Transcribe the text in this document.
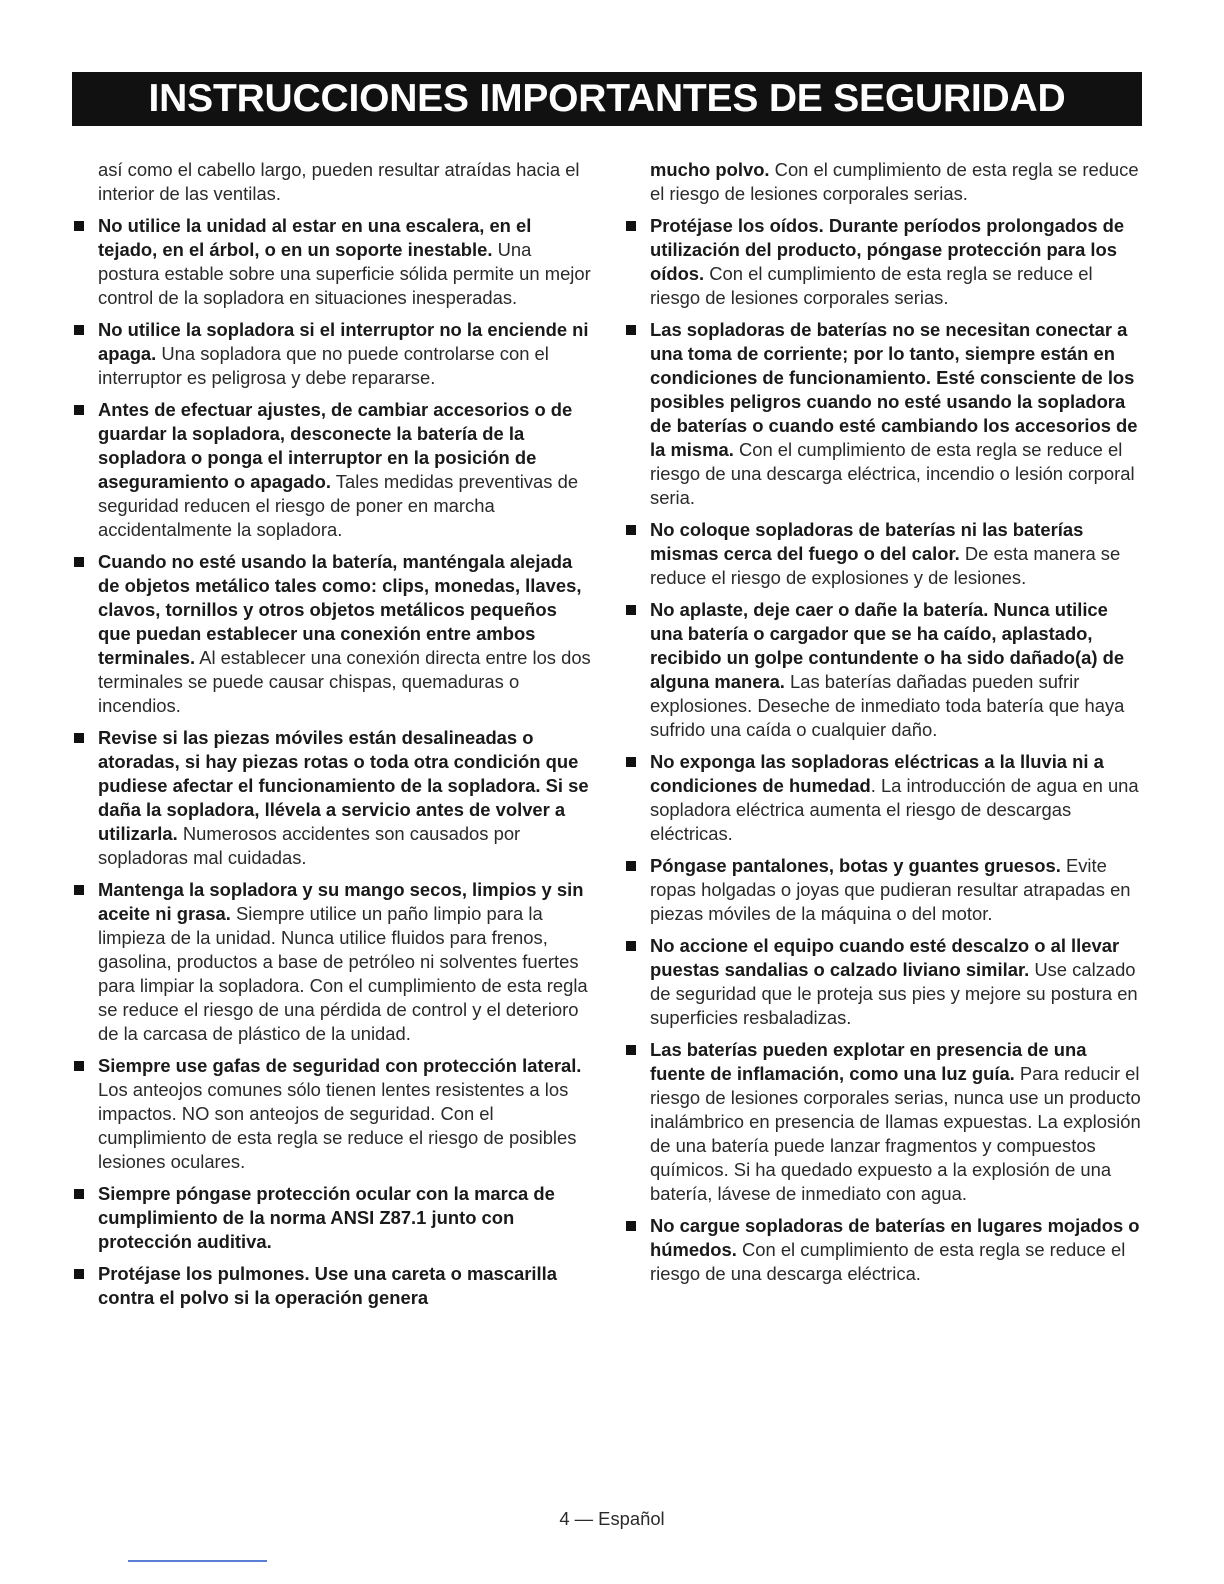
INSTRUCCIONES IMPORTANTES DE SEGURIDAD

así como el cabello largo, pueden resultar atraídas hacia el interior de las ventilas.

No utilice la unidad al estar en una escalera, en el tejado, en el árbol, o en un soporte inestable. Una postura estable sobre una superficie sólida permite un mejor control de la sopladora en situaciones inesperadas.
No utilice la sopladora si el interruptor no la enciende ni apaga. Una sopladora que no puede controlarse con el interruptor es peligrosa y debe repararse.
Antes de efectuar ajustes, de cambiar accesorios o de guardar la sopladora, desconecte la batería de la sopladora o ponga el interruptor en la posición de aseguramiento o apagado. Tales medidas preventivas de seguridad reducen el riesgo de poner en marcha accidentalmente la sopladora.
Cuando no esté usando la batería, manténgala alejada de objetos metálico tales como: clips, monedas, llaves, clavos, tornillos y otros objetos metálicos pequeños que puedan establecer una conexión entre ambos terminales. Al establecer una conexión directa entre los dos terminales se puede causar chispas, quemaduras o incendios.
Revise si las piezas móviles están desalineadas o atoradas, si hay piezas rotas o toda otra condición que pudiese afectar el funcionamiento de la sopladora. Si se daña la sopladora, llévela a servicio antes de volver a utilizarla. Numerosos accidentes son causados por sopladoras mal cuidadas.
Mantenga la sopladora y su mango secos, limpios y sin aceite ni grasa. Siempre utilice un paño limpio para la limpieza de la unidad. Nunca utilice fluidos para frenos, gasolina, productos a base de petróleo ni solventes fuertes para limpiar la sopladora. Con el cumplimiento de esta regla se reduce el riesgo de una pérdida de control y el deterioro de la carcasa de plástico de la unidad.
Siempre use gafas de seguridad con protección lateral. Los anteojos comunes sólo tienen lentes resistentes a los impactos. NO son anteojos de seguridad. Con el cumplimiento de esta regla se reduce el riesgo de posibles lesiones oculares.
Siempre póngase protección ocular con la marca de cumplimiento de la norma ANSI Z87.1 junto con protección auditiva.
Protéjase los pulmones. Use una careta o mascarilla contra el polvo si la operación genera

mucho polvo. Con el cumplimiento de esta regla se reduce el riesgo de lesiones corporales serias.

Protéjase los oídos. Durante períodos prolongados de utilización del producto, póngase protección para los oídos. Con el cumplimiento de esta regla se reduce el riesgo de lesiones corporales serias.
Las sopladoras de baterías no se necesitan conectar a una toma de corriente; por lo tanto, siempre están en condiciones de funcionamiento. Esté consciente de los posibles peligros cuando no esté usando la sopladora de baterías o cuando esté cambiando los accesorios de la misma. Con el cumplimiento de esta regla se reduce el riesgo de una descarga eléctrica, incendio o lesión corporal seria.
No coloque sopladoras de baterías ni las baterías mismas cerca del fuego o del calor. De esta manera se reduce el riesgo de explosiones y de lesiones.
No aplaste, deje caer o dañe la batería. Nunca utilice una batería o cargador que se ha caído, aplastado, recibido un golpe contundente o ha sido dañado(a) de alguna manera. Las baterías dañadas pueden sufrir explosiones. Deseche de inmediato toda batería que haya sufrido una caída o cualquier daño.
No exponga las sopladoras eléctricas a la lluvia ni a condiciones de humedad. La introducción de agua en una sopladora eléctrica aumenta el riesgo de descargas eléctricas.
Póngase pantalones, botas y guantes gruesos. Evite ropas holgadas o joyas que pudieran resultar atrapadas en piezas móviles de la máquina o del motor.
No accione el equipo cuando esté descalzo o al llevar puestas sandalias o calzado liviano similar. Use calzado de seguridad que le proteja sus pies y mejore su postura en superficies resbaladizas.
Las baterías pueden explotar en presencia de una fuente de inflamación, como una luz guía. Para reducir el riesgo de lesiones corporales serias, nunca use un producto inalámbrico en presencia de llamas expuestas. La explosión de una batería puede lanzar fragmentos y compuestos químicos. Si ha quedado expuesto a la explosión de una batería, lávese de inmediato con agua.
No cargue sopladoras de baterías en lugares mojados o húmedos. Con el cumplimiento de esta regla se reduce el riesgo de una descarga eléctrica.
4 — Español
